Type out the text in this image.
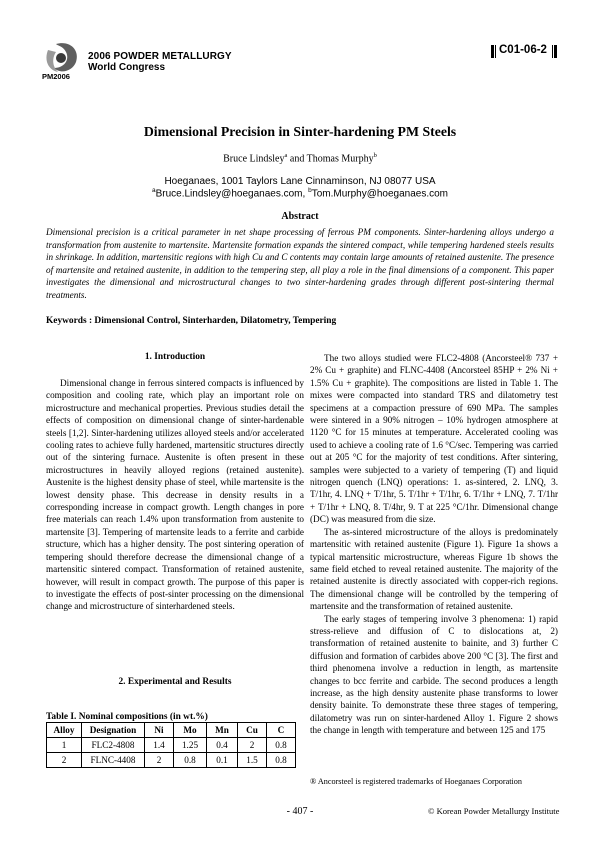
PM2006
2006 POWDER METALLURGY
World Congress
C01-06-2
Dimensional Precision in Sinter-hardening PM Steels
Bruce Lindsley$^a$ and Thomas Murphy$^b$
Hoeganaes, 1001 Taylors Lane Cinnaminson, NJ 08077 USA
$^a$Bruce.Lindsley@hoeganaes.com, $^b$Tom.Murphy@hoeganaes.com
Abstract
Dimensional precision is a critical parameter in net shape processing of ferrous PM components. Sinter-hardening alloys undergo a transformation from austenite to martensite. Martensite formation expands the sintered compact, while tempering hardened steels results in shrinkage. In addition, martensitic regions with high Cu and C contents may contain large amounts of retained austenite. The presence of martensite and retained austenite, in addition to the tempering step, all play a role in the final dimensions of a component. This paper investigates the dimensional and microstructural changes to two sinter-hardening grades through different post-sintering thermal treatments.
Keywords : Dimensional Control, Sinterharden, Dilatometry, Tempering
1. Introduction

Dimensional change in ferrous sintered compacts is influenced by composition and cooling rate, which play an important role on microstructure and mechanical properties. Previous studies detail the effects of composition on dimensional change of sinter-hardenable steels [1,2]. Sinter-hardening utilizes alloyed steels and/or accelerated cooling rates to achieve fully hardened, martensitic structures directly out of the sintering furnace. Austenite is often present in these microstructures in heavily alloyed regions (retained austenite). Austenite is the highest density phase of steel, while martensite is the lowest density phase. This decrease in density results in a corresponding increase in compact growth. Length changes in pore free materials can reach 1.4% upon transformation from austenite to martensite [3]. Tempering of martensite leads to a ferrite and carbide structure, which has a higher density. The post sintering operation of tempering should therefore decrease the dimensional change of a martensitic sintered compact. Transformation of retained austenite, however, will result in compact growth. The purpose of this paper is to investigate the effects of post-sinter processing on the dimensional change and microstructure of sinterhardened steels.

2. Experimental and Results
Table I. Nominal compositions (in wt.%)
Alloy	Designation	Ni	Mo	Mn	Cu	C
1	FLC2-4808	1.4	1.25	0.4	2	0.8
2	FLNC-4408	2	0.8	0.1	1.5	0.8

The two alloys studied were FLC2-4808 (Ancorsteel® 737 + 2% Cu + graphite) and FLNC-4408 (Ancorsteel 85HP + 2% Ni + 1.5% Cu + graphite). The compositions are listed in Table 1. The mixes were compacted into standard TRS and dilatometry test specimens at a compaction pressure of 690 MPa. The samples were sintered in a 90% nitrogen – 10% hydrogen atmosphere at 1120 °C for 15 minutes at temperature. Accelerated cooling was used to achieve a cooling rate of 1.6 °C/sec. Tempering was carried out at 205 °C for the majority of test conditions. After sintering, samples were subjected to a variety of tempering (T) and liquid nitrogen quench (LNQ) operations: 1. as-sintered, 2. LNQ, 3. T/1hr, 4. LNQ + T/1hr, 5. T/1hr + T/1hr, 6. T/1hr + LNQ, 7. T/1hr + T/1hr + LNQ, 8. T/4hr, 9. T at 225 °C/1hr. Dimensional change (DC) was measured from die size.

The as-sintered microstructure of the alloys is predominately martensitic with retained austenite (Figure 1). Figure 1a shows a typical martensitic microstructure, whereas Figure 1b shows the same field etched to reveal retained austenite. The majority of the retained austenite is directly associated with copper-rich regions. The dimensional change will be controlled by the tempering of martensite and the transformation of retained austenite.

The early stages of tempering involve 3 phenomena: 1) rapid stress-relieve and diffusion of C to dislocations at, 2) transformation of retained austenite to bainite, and 3) further C diffusion and formation of carbides above 200 °C [3]. The first and third phenomena involve a reduction in length, as martensite changes to bcc ferrite and carbide. The second produces a length increase, as the high density austenite phase transforms to lower density bainite. To demonstrate these three stages of tempering, dilatometry was run on sinter-hardened Alloy 1. Figure 2 shows the change in length with temperature and between 125 and 175

® Ancorsteel is registered trademarks of Hoeganaes Corporation
- 407 -	© Korean Powder Metallurgy Institute
